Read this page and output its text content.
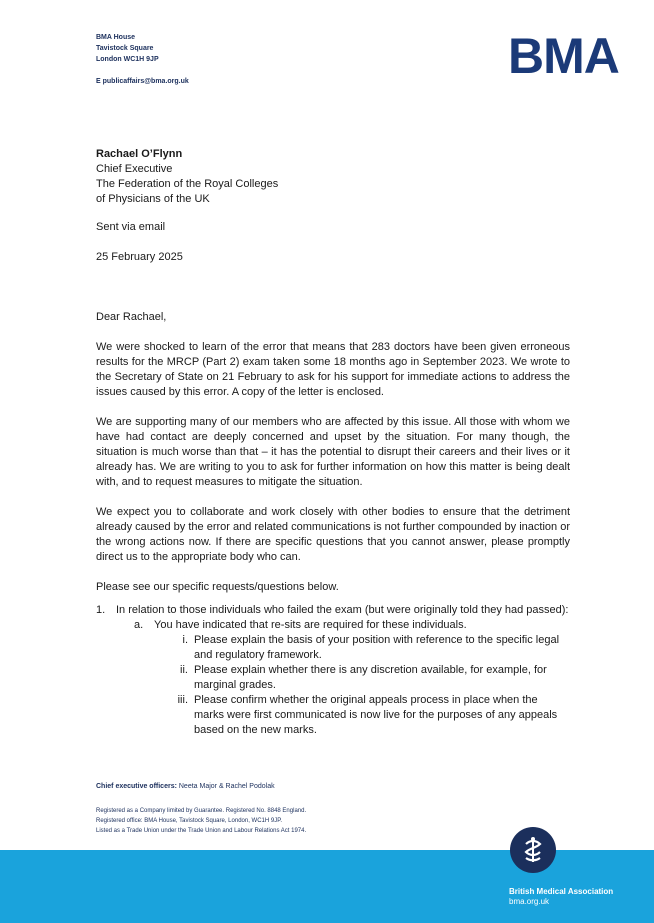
BMA House
Tavistock Square
London WC1H 9JP
E publicaffairs@bma.org.uk	BMA
Rachael O’Flynn
Chief Executive
The Federation of the Royal Colleges
of Physicians of the UK
Sent via email
25 February 2025

Dear Rachael,

We were shocked to learn of the error that means that 283 doctors have been given erroneous results for the MRCP (Part 2) exam taken some 18 months ago in September 2023. We wrote to the Secretary of State on 21 February to ask for his support for immediate actions to address the issues caused by this error. A copy of the letter is enclosed.

We are supporting many of our members who are affected by this issue. All those with whom we have had contact are deeply concerned and upset by the situation. For many though, the situation is much worse than that – it has the potential to disrupt their careers and their lives or it already has. We are writing to you to ask for further information on how this matter is being dealt with, and to request measures to mitigate the situation.

We expect you to collaborate and work closely with other bodies to ensure that the detriment already caused by the error and related communications is not further compounded by inaction or the wrong actions now. If there are specific questions that you cannot answer, please promptly direct us to the appropriate body who can.

Please see our specific requests/questions below.

1. In relation to those individuals who failed the exam (but were originally told they had passed):
a. You have indicated that re-sits are required for these individuals.
i. Please explain the basis of your position with reference to the specific legal and regulatory framework.
ii. Please explain whether there is any discretion available, for example, for marginal grades.
iii. Please confirm whether the original appeals process in place when the marks were first communicated is now live for the purposes of any appeals based on the new marks.
Chief executive officers: Neeta Major & Rachel Podolak
Registered as a Company limited by Guarantee. Registered No. 8848 England.
Registered office: BMA House, Tavistock Square, London, WC1H 9JP.
Listed as a Trade Union under the Trade Union and Labour Relations Act 1974.
British Medical Association
bma.org.uk
